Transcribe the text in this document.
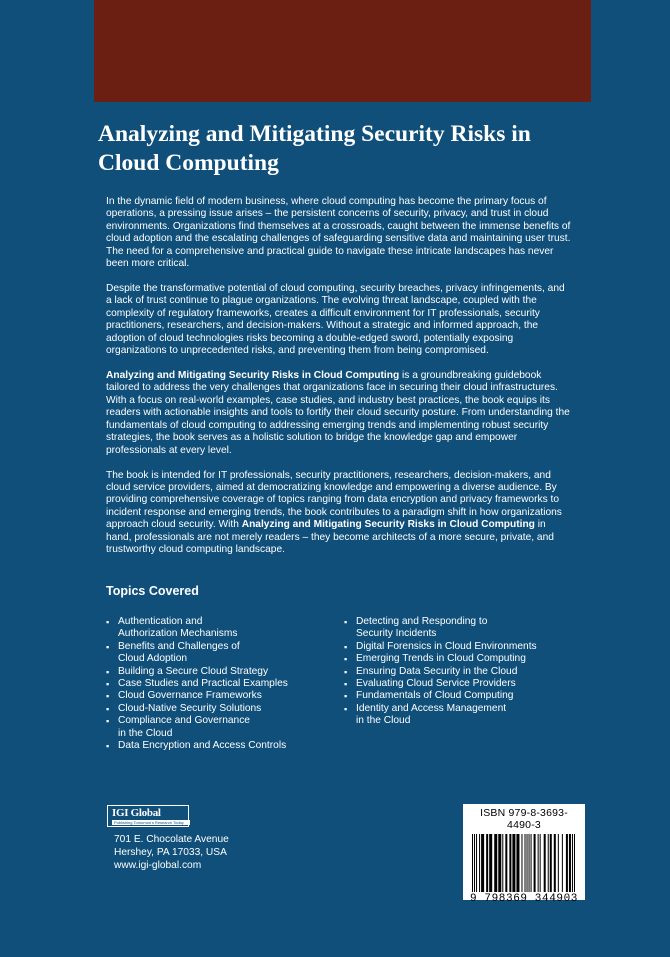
Analyzing and Mitigating Security Risks in
Cloud Computing

In the dynamic field of modern business, where cloud computing has become the primary focus of operations, a pressing issue arises – the persistent concerns of security, privacy, and trust in cloud environments. Organizations find themselves at a crossroads, caught between the immense benefits of cloud adoption and the escalating challenges of safeguarding sensitive data and maintaining user trust. The need for a comprehensive and practical guide to navigate these intricate landscapes has never been more critical.

Despite the transformative potential of cloud computing, security breaches, privacy infringements, and a lack of trust continue to plague organizations. The evolving threat landscape, coupled with the complexity of regulatory frameworks, creates a difficult environment for IT professionals, security practitioners, researchers, and decision-makers. Without a strategic and informed approach, the adoption of cloud technologies risks becoming a double-edged sword, potentially exposing organizations to unprecedented risks, and preventing them from being compromised.

Analyzing and Mitigating Security Risks in Cloud Computing is a groundbreaking guidebook tailored to address the very challenges that organizations face in securing their cloud infrastructures. With a focus on real-world examples, case studies, and industry best practices, the book equips its readers with actionable insights and tools to fortify their cloud security posture. From understanding the fundamentals of cloud computing to addressing emerging trends and implementing robust security strategies, the book serves as a holistic solution to bridge the knowledge gap and empower professionals at every level.

The book is intended for IT professionals, security practitioners, researchers, decision-makers, and cloud service providers, aimed at democratizing knowledge and empowering a diverse audience. By providing comprehensive coverage of topics ranging from data encryption and privacy frameworks to incident response and emerging trends, the book contributes to a paradigm shift in how organizations approach cloud security. With Analyzing and Mitigating Security Risks in Cloud Computing in hand, professionals are not merely readers – they become architects of a more secure, private, and trustworthy cloud computing landscape.

Topics Covered
▪ Authentication and
Authorization Mechanisms
▪ Benefits and Challenges of
Cloud Adoption
▪ Building a Secure Cloud Strategy
▪ Case Studies and Practical Examples
▪ Cloud Governance Frameworks
▪ Cloud-Native Security Solutions
▪ Compliance and Governance
in the Cloud
▪ Data Encryption and Access Controls
▪ Detecting and Responding to
Security Incidents
▪ Digital Forensics in Cloud Environments
▪ Emerging Trends in Cloud Computing
▪ Ensuring Data Security in the Cloud
▪ Evaluating Cloud Service Providers
▪ Fundamentals of Cloud Computing
▪ Identity and Access Management
in the Cloud
IGI Global
Publishing Tomorrow's Research Today
701 E. Chocolate Avenue
Hershey, PA 17033, USA
www.igi-global.com
ISBN 979-8-3693-4490-3
9 798369 344903
